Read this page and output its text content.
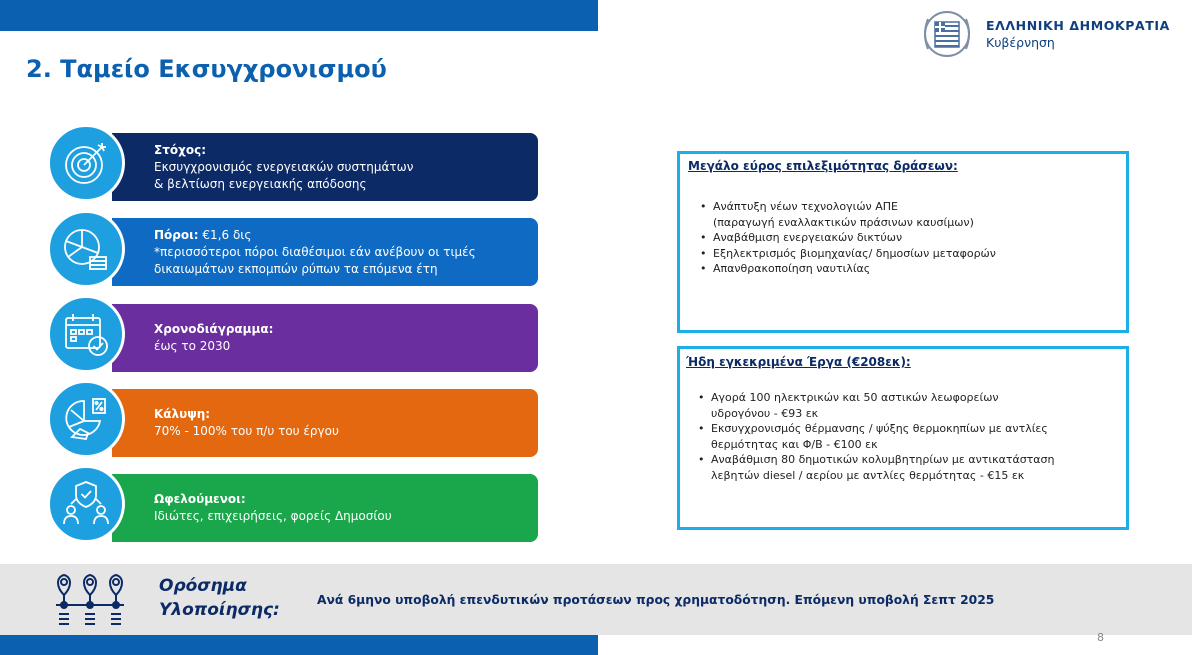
ΕΛΛΗΝΙΚΗ ΔΗΜΟΚΡΑΤΙΑ
Κυβέρνηση
2. Ταμείο Εκσυγχρονισμού
Στόχος:
Εκσυγχρονισμός ενεργειακών συστημάτων
& βελτίωση ενεργειακής απόδοσης
Πόροι: €1,6 δις
*περισσότεροι πόροι διαθέσιμοι εάν ανέβουν οι τιμές
δικαιωμάτων εκπομπών ρύπων τα επόμενα έτη
Χρονοδιάγραμμα:
έως το 2030
Κάλυψη:
70% - 100% του π/υ του έργου
Ωφελούμενοι:
Ιδιώτες, επιχειρήσεις, φορείς Δημοσίου
Μεγάλο εύρος επιλεξιμότητας δράσεων:
• Ανάπτυξη νέων τεχνολογιών ΑΠΕ
(παραγωγή εναλλακτικών πράσινων καυσίμων)
• Αναβάθμιση ενεργειακών δικτύων
• Εξηλεκτρισμός βιομηχανίας/ δημοσίων μεταφορών
• Απανθρακοποίηση ναυτιλίας
Ήδη εγκεκριμένα Έργα (€208εκ):
• Αγορά 100 ηλεκτρικών και 50 αστικών λεωφορείων
υδρογόνου - €93 εκ
• Εκσυγχρονισμός θέρμανσης / ψύξης θερμοκηπίων με αντλίες
θερμότητας και Φ/Β - €100 εκ
• Αναβάθμιση 80 δημοτικών κολυμβητηρίων με αντικατάσταση
λεβητών diesel / αερίου με αντλίες θερμότητας - €15 εκ
Ορόσημα
Υλοποίησης:	Ανά 6μηνο υποβολή επενδυτικών προτάσεων προς χρηματοδότηση. Επόμενη υποβολή Σεπτ 2025
8
